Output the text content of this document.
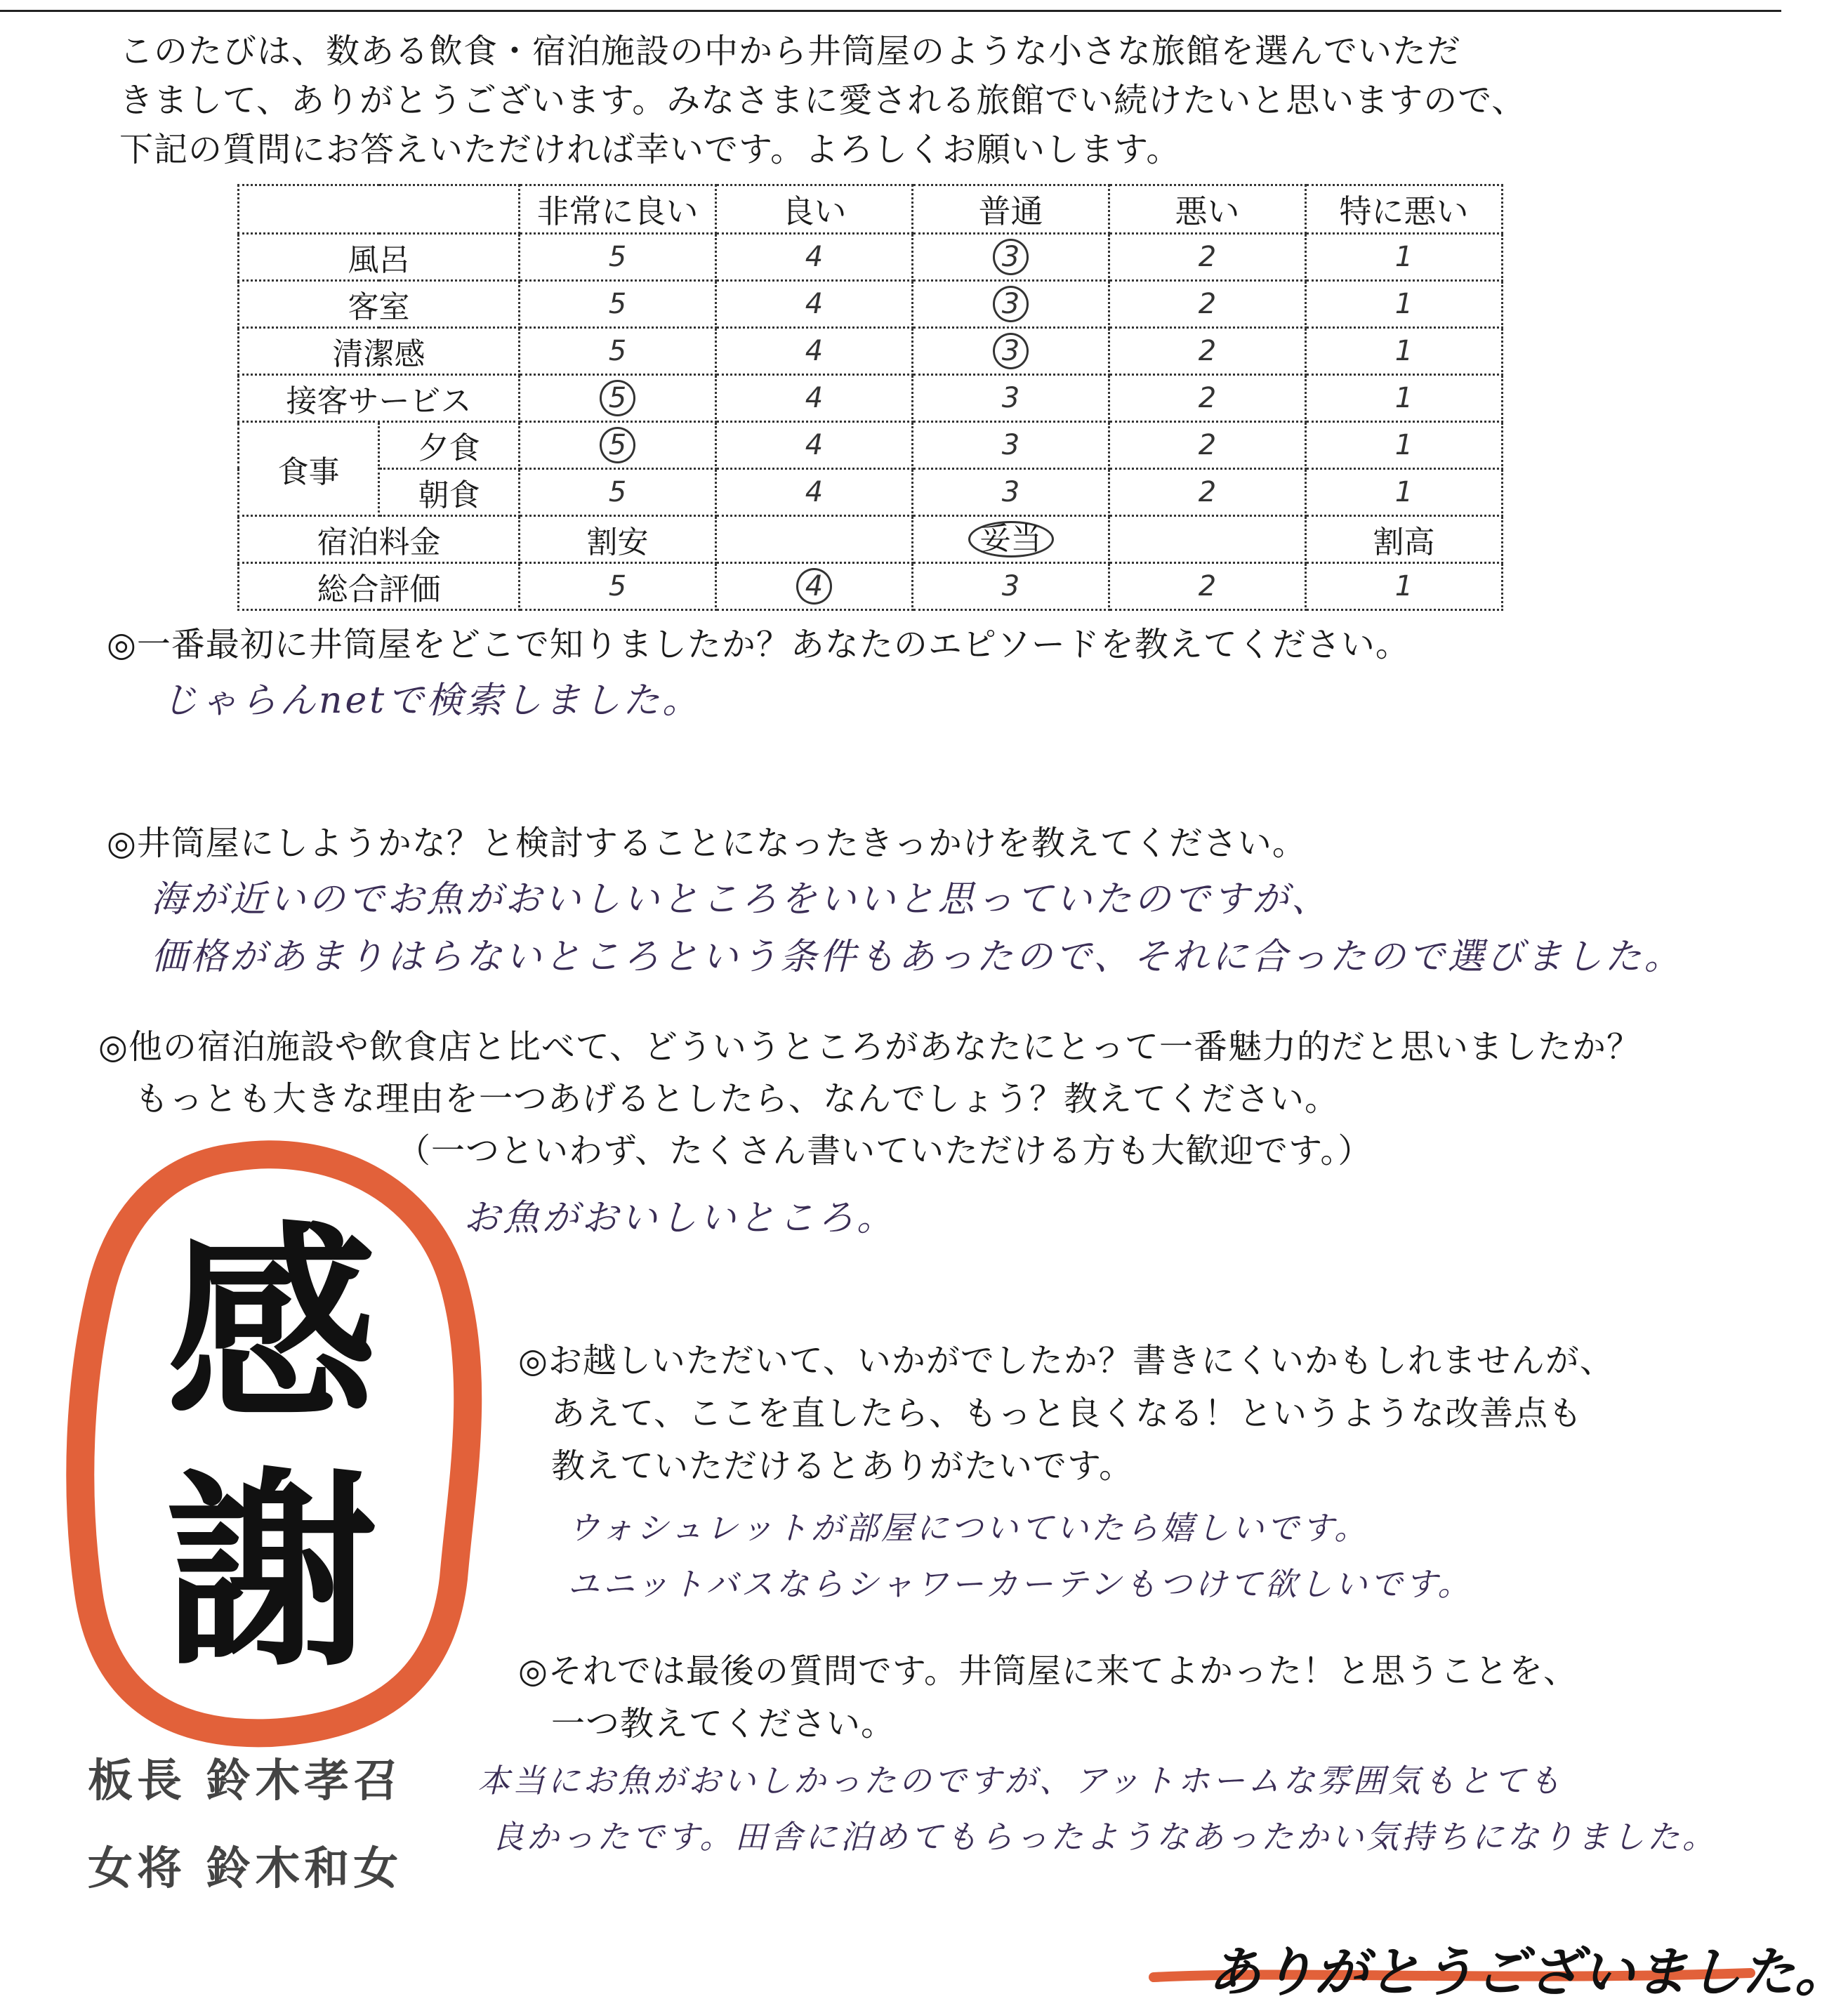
このたびは、数ある飲食・宿泊施設の中から井筒屋のような小さな旅館を選んでいただ
きまして、ありがとうございます。みなさまに愛される旅館でい続けたいと思いますので、
下記の質問にお答えいただければ幸いです。よろしくお願いします。
		非常に良い	良い	普通	悪い	特に悪い
風呂		5	4	3	2	1
客室		5	4	3	2	1
清潔感		5	4	3	2	1
接客サービス		5	4	3	2	1
食事	夕食	5	4	3	2	1
	朝食	5	4	3	2	1
宿泊料金		割安		妥当		割高
総合評価		5	4	3	2	1
◎一番最初に井筒屋をどこで知りましたか？あなたのエピソードを教えてください。
じゃらんnetで検索しました。
◎井筒屋にしようかな？と検討することになったきっかけを教えてください。
海が近いのでお魚がおいしいところをいいと思っていたのですが、
価格があまりはらないところという条件もあったので、それに合ったので選びました。
◎他の宿泊施設や飲食店と比べて、どういうところがあなたにとって一番魅力的だと思いましたか？
もっとも大きな理由を一つあげるとしたら、なんでしょう？教えてください。
（一つといわず、たくさん書いていただける方も大歓迎です。）
お魚がおいしいところ。
感
謝
◎お越しいただいて、いかがでしたか？書きにくいかもしれませんが、
あえて、ここを直したら、もっと良くなる！というような改善点も
教えていただけるとありがたいです。
ウォシュレットが部屋についていたら嬉しいです。
ユニットバスならシャワーカーテンもつけて欲しいです。
◎それでは最後の質問です。井筒屋に来てよかった！と思うことを、
一つ教えてください。
本当にお魚がおいしかったのですが、アットホームな雰囲気もとても
良かったです。田舎に泊めてもらったようなあったかい気持ちになりました。
板長 鈴木孝召
女将 鈴木和女
ありがとうございました。
